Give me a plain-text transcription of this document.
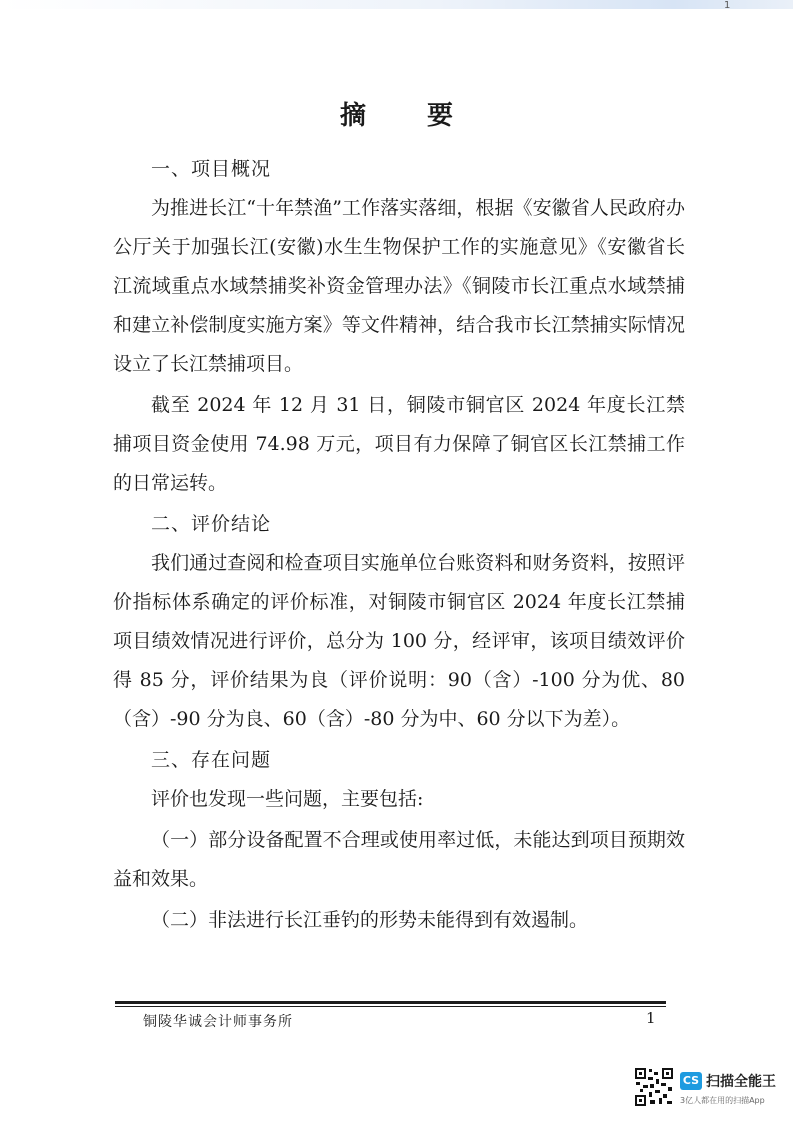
1
摘 要

一、项目概况

为推进长江“十年禁渔”工作落实落细，根据《安徽省人民政府办公厅关于加强长江(安徽)水生生物保护工作的实施意见》《安徽省长江流域重点水域禁捕奖补资金管理办法》《铜陵市长江重点水域禁捕和建立补偿制度实施方案》等文件精神，结合我市长江禁捕实际情况设立了长江禁捕项目。

截至 2024 年 12 月 31 日，铜陵市铜官区 2024 年度长江禁捕项目资金使用 74.98 万元，项目有力保障了铜官区长江禁捕工作的日常运转。

二、评价结论

我们通过查阅和检查项目实施单位台账资料和财务资料，按照评价指标体系确定的评价标准，对铜陵市铜官区 2024 年度长江禁捕项目绩效情况进行评价，总分为 100 分，经评审，该项目绩效评价得 85 分，评价结果为良（评价说明：90（含）-100 分为优、80（含）-90 分为良、60（含）-80 分为中、60 分以下为差）。

三、存在问题

评价也发现一些问题，主要包括:

（一）部分设备配置不合理或使用率过低，未能达到项目预期效益和效果。

（二）非法进行长江垂钓的形势未能得到有效遏制。

铜陵华诚会计师事务所	1
CS 扫描全能王
3亿人都在用的扫描App
